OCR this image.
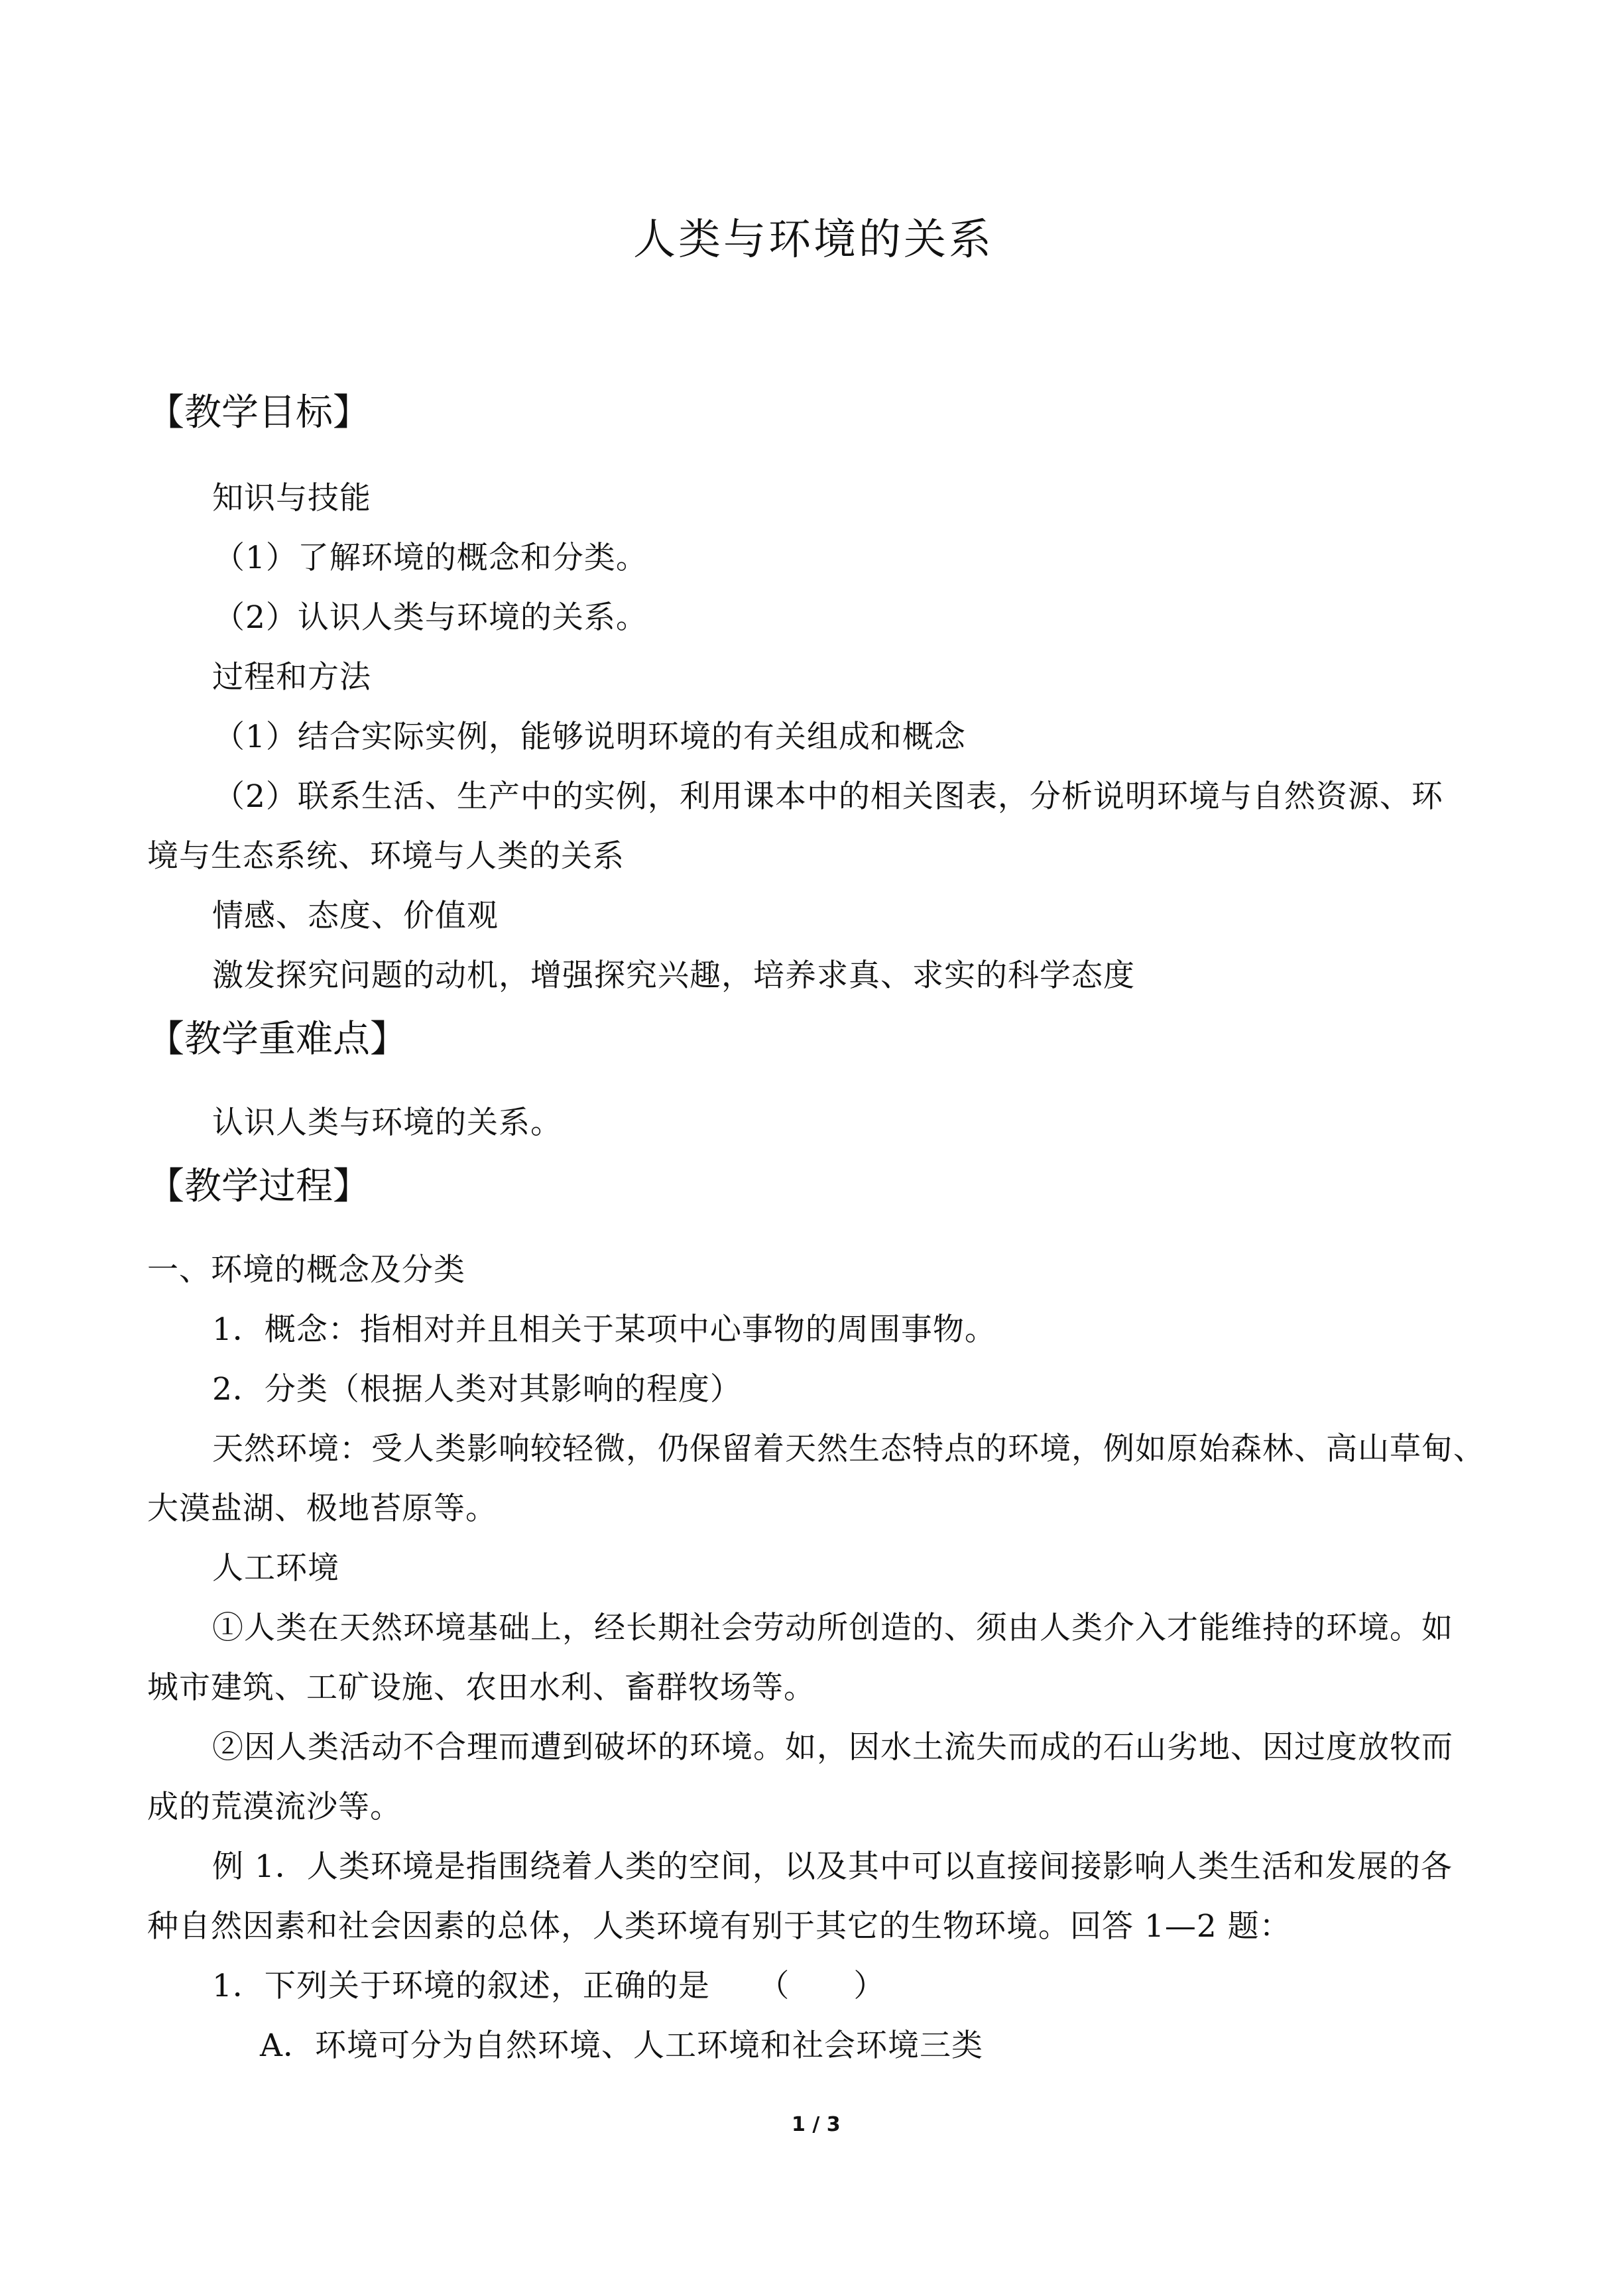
人类与环境的关系
【教学目标】
知识与技能
（1）了解环境的概念和分类。
（2）认识人类与环境的关系。
过程和方法
（1）结合实际实例，能够说明环境的有关组成和概念
（2）联系生活、生产中的实例，利用课本中的相关图表，分析说明环境与自然资源、环
境与生态系统、环境与人类的关系
情感、态度、价值观
激发探究问题的动机，增强探究兴趣，培养求真、求实的科学态度
【教学重难点】
认识人类与环境的关系。
【教学过程】
一、环境的概念及分类
1．概念：指相对并且相关于某项中心事物的周围事物。
2．分类（根据人类对其影响的程度）
天然环境：受人类影响较轻微，仍保留着天然生态特点的环境，例如原始森林、高山草甸、
大漠盐湖、极地苔原等。
人工环境
①人类在天然环境基础上，经长期社会劳动所创造的、须由人类介入才能维持的环境。如
城市建筑、工矿设施、农田水利、畜群牧场等。
②因人类活动不合理而遭到破坏的环境。如，因水土流失而成的石山劣地、因过度放牧而
成的荒漠流沙等。
例 1．人类环境是指围绕着人类的空间，以及其中可以直接间接影响人类生活和发展的各
种自然因素和社会因素的总体，人类环境有别于其它的生物环境。回答 1—2 题：
1．下列关于环境的叙述，正确的是　　（　　）
A．环境可分为自然环境、人工环境和社会环境三类
1 / 3
